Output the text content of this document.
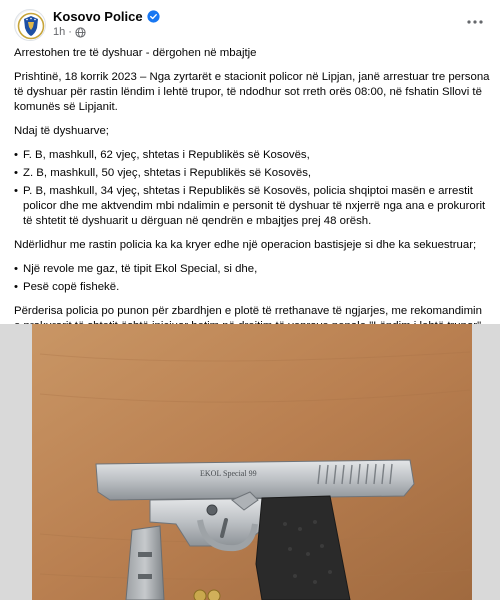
Kosovo Police
1h ·

Arrestohen tre të dyshuar - dërgohen në mbajtje

Prishtinë, 18 korrik 2023 – Nga zyrtarët e stacionit policor në Lipjan, janë arrestuar tre persona të dyshuar për rastin lëndim i lehtë trupor, të ndodhur sot rreth orës 08:00, në fshatin Sllovi të komunës së Lipjanit.

Ndaj të dyshuarve;

• F. B, mashkull, 62 vjeç, shtetas i Republikës së Kosovës,
• Z. B, mashkull, 50 vjeç, shtetas i Republikës së Kosovës,
• P. B, mashkull, 34 vjeç, shtetas i Republikës së Kosovës, policia shqiptoi masën e arrestit policor dhe me aktvendim mbi ndalimin e personit të dyshuar të nxjerrë nga ana e prokurorit të shtetit të dyshuarit u dërguan në qendrën e mbajtjes prej 48 orësh.

Ndërlidhur me rastin policia ka ka kryer edhe një operacion bastisjeje si dhe ka sekuestruar;

• Një revole me gaz, të tipit Ekol Special, si dhe,
• Pesë copë fishekë.

Përderisa policia po punon për zbardhjen e plotë të rrethanave të ngjarjes, me rekomandimin

EKOL Special 99
